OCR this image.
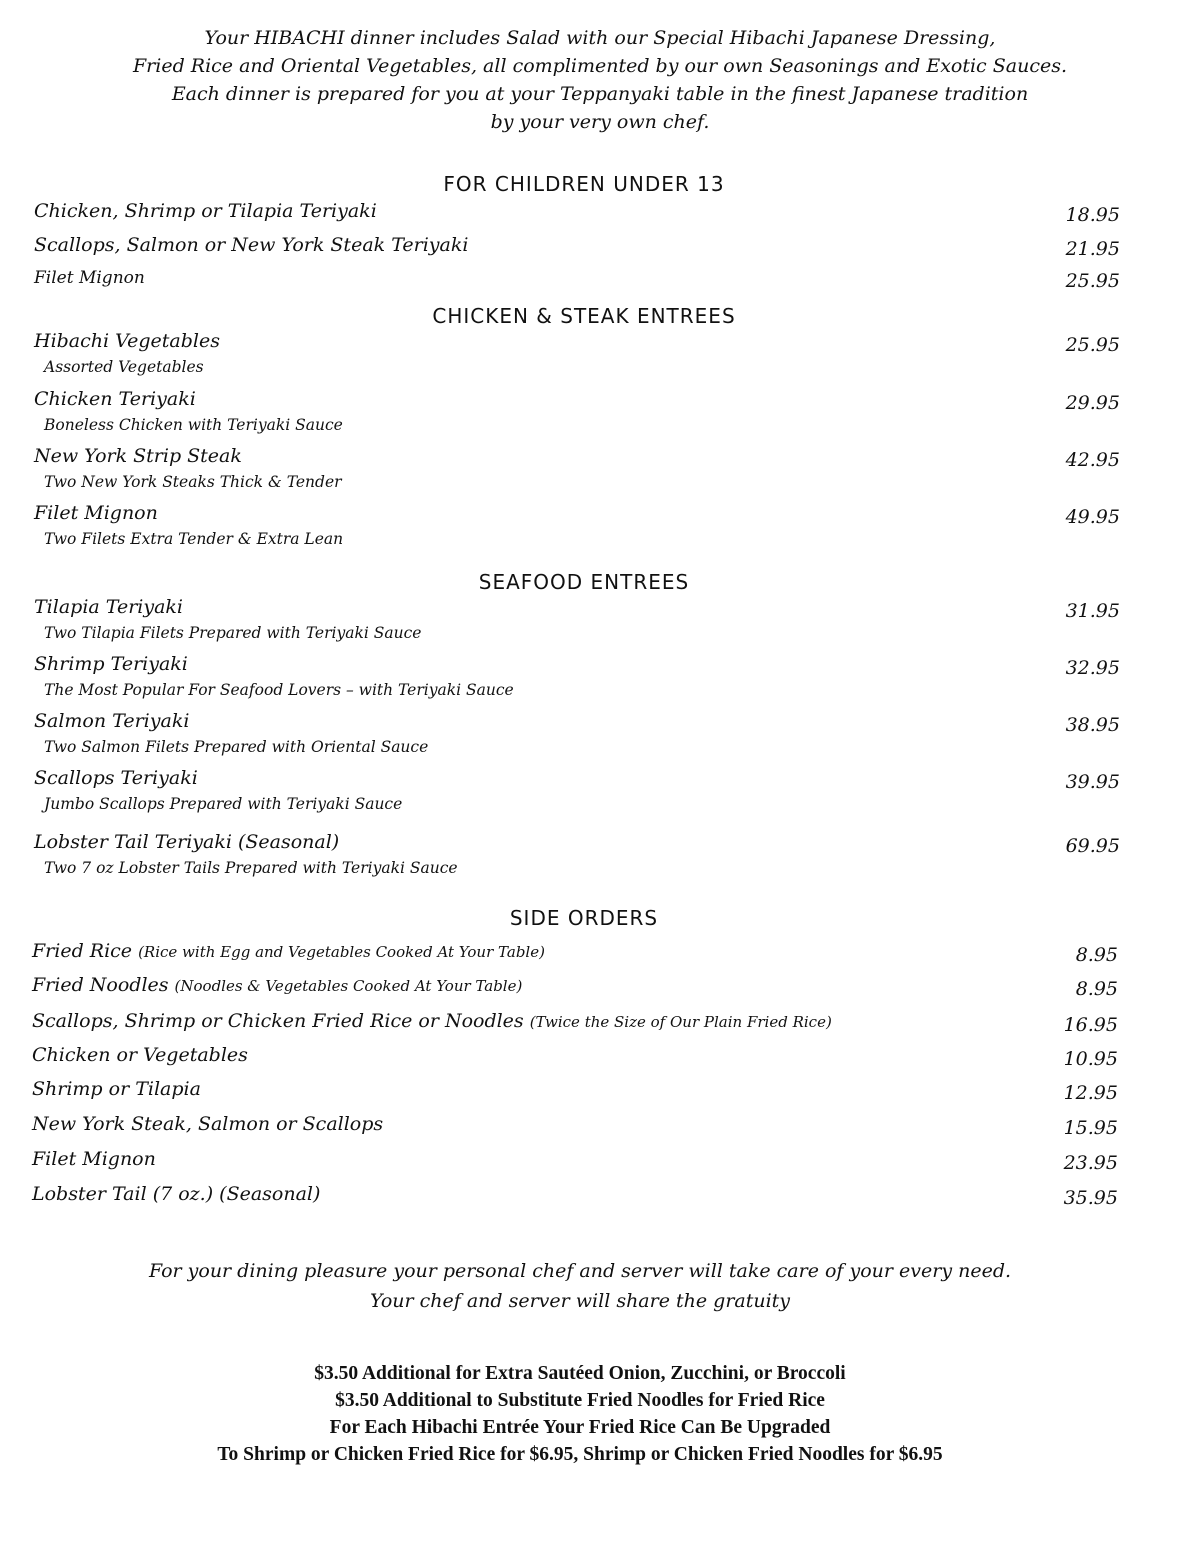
Your HIBACHI dinner includes Salad with our Special Hibachi Japanese Dressing,
Fried Rice and Oriental Vegetables, all complimented by our own Seasonings and Exotic Sauces.
Each dinner is prepared for you at your Teppanyaki table in the finest Japanese tradition
by your very own chef.
FOR CHILDREN UNDER 13
Chicken, Shrimp or Tilapia Teriyaki	18.95
Scallops, Salmon or New York Steak Teriyaki	21.95
Filet Mignon	25.95
CHICKEN & STEAK ENTREES
Hibachi Vegetables	25.95
Assorted Vegetables
Chicken Teriyaki	29.95
Boneless Chicken with Teriyaki Sauce
New York Strip Steak	42.95
Two New York Steaks Thick & Tender
Filet Mignon	49.95
Two Filets Extra Tender & Extra Lean
SEAFOOD ENTREES
Tilapia Teriyaki	31.95
Two Tilapia Filets Prepared with Teriyaki Sauce
Shrimp Teriyaki	32.95
The Most Popular For Seafood Lovers – with Teriyaki Sauce
Salmon Teriyaki	38.95
Two Salmon Filets Prepared with Oriental Sauce
Scallops Teriyaki	39.95
Jumbo Scallops Prepared with Teriyaki Sauce
Lobster Tail Teriyaki (Seasonal)	69.95
Two 7 oz Lobster Tails Prepared with Teriyaki Sauce
SIDE ORDERS
Fried Rice (Rice with Egg and Vegetables Cooked At Your Table)	8.95
Fried Noodles (Noodles & Vegetables Cooked At Your Table)	8.95
Scallops, Shrimp or Chicken Fried Rice or Noodles (Twice the Size of Our Plain Fried Rice)	16.95
Chicken or Vegetables	10.95
Shrimp or Tilapia	12.95
New York Steak, Salmon or Scallops	15.95
Filet Mignon	23.95
Lobster Tail (7 oz.) (Seasonal)	35.95
For your dining pleasure your personal chef and server will take care of your every need.
Your chef and server will share the gratuity
$3.50 Additional for Extra Sautéed Onion, Zucchini, or Broccoli
$3.50 Additional to Substitute Fried Noodles for Fried Rice
For Each Hibachi Entrée Your Fried Rice Can Be Upgraded
To Shrimp or Chicken Fried Rice for $6.95, Shrimp or Chicken Fried Noodles for $6.95
